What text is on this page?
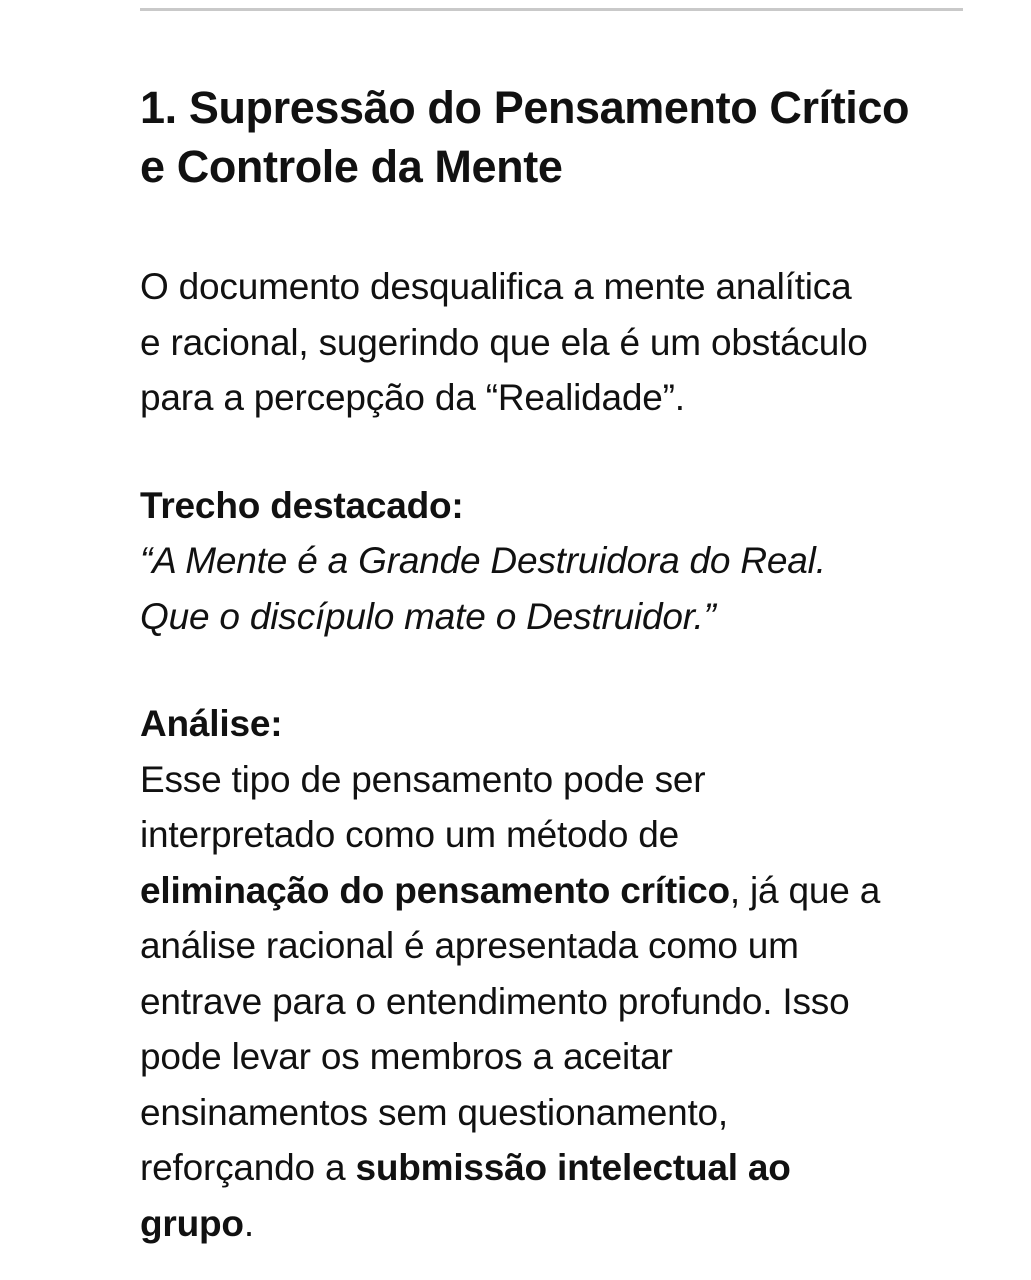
1. Supressão do Pensamento Crítico
e Controle da Mente

O documento desqualifica a mente analítica
e racional, sugerindo que ela é um obstáculo
para a percepção da “Realidade”.

Trecho destacado:

“A Mente é a Grande Destruidora do Real.
Que o discípulo mate o Destruidor.”

Análise:

Esse tipo de pensamento pode ser
interpretado como um método de
eliminação do pensamento crítico, já que a
análise racional é apresentada como um
entrave para o entendimento profundo. Isso
pode levar os membros a aceitar
ensinamentos sem questionamento,
reforçando a submissão intelectual ao
grupo.
